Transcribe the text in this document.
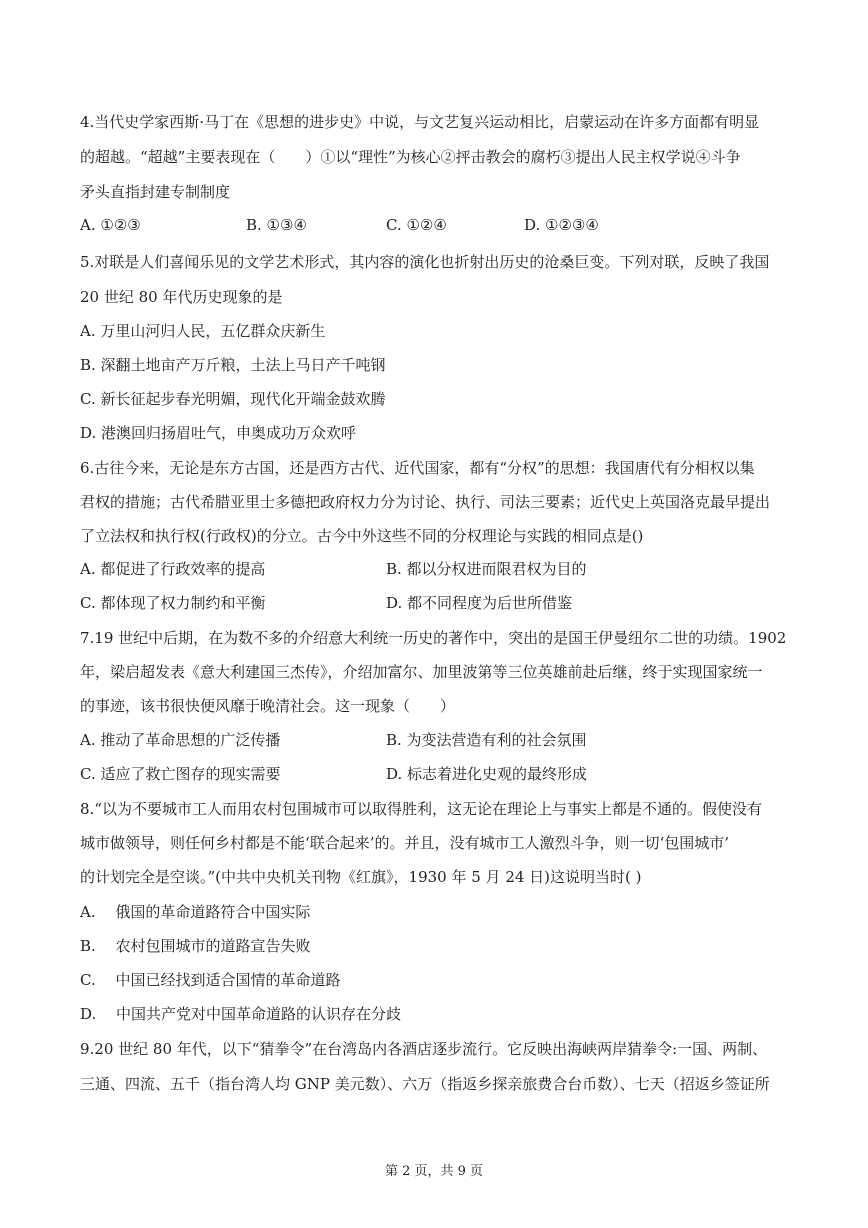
4.当代史学家西斯·马丁在《思想的进步史》中说，与文艺复兴运动相比，启蒙运动在许多方面都有明显
的超越。“超越”主要表现在（　　）①以“理性”为核心②抨击教会的腐朽③提出人民主权学说④斗争
矛头直指封建专制制度
A. ①②③	B. ①③④	C. ①②④	D. ①②③④
5.对联是人们喜闻乐见的文学艺术形式，其内容的演化也折射出历史的沧桑巨变。下列对联，反映了我国
20 世纪 80 年代历史现象的是
A. 万里山河归人民，五亿群众庆新生
B. 深翻土地亩产万斤粮，土法上马日产千吨钢
C. 新长征起步春光明媚，现代化开端金鼓欢腾
D. 港澳回归扬眉吐气，申奥成功万众欢呼
6.古往今来，无论是东方古国，还是西方古代、近代国家，都有“分权”的思想：我国唐代有分相权以集
君权的措施；古代希腊亚里士多德把政府权力分为讨论、执行、司法三要素；近代史上英国洛克最早提出
了立法权和执行权(行政权)的分立。古今中外这些不同的分权理论与实践的相同点是()
A. 都促进了行政效率的提高	B. 都以分权进而限君权为目的
C. 都体现了权力制约和平衡	D. 都不同程度为后世所借鉴
7.19 世纪中后期，在为数不多的介绍意大利统一历史的著作中，突出的是国王伊曼纽尔二世的功绩。1902
年，梁启超发表《意大利建国三杰传》，介绍加富尔、加里波第等三位英雄前赴后继，终于实现国家统一
的事迹，该书很快便风靡于晚清社会。这一现象（　　）
A. 推动了革命思想的广泛传播	B. 为变法营造有利的社会氛围
C. 适应了救亡图存的现实需要	D. 标志着进化史观的最终形成
8.“以为不要城市工人而用农村包围城市可以取得胜利，这无论在理论上与事实上都是不通的。假使没有
城市做领导，则任何乡村都是不能‘联合起来’的。并且，没有城市工人激烈斗争，则一切‘包围城市’
的计划完全是空谈。”(中共中央机关刊物《红旗》，1930 年 5 月 24 日)这说明当时( )
A.　 俄国的革命道路符合中国实际
B.　 农村包围城市的道路宣告失败
C.　 中国已经找到适合国情的革命道路
D.　 中国共产党对中国革命道路的认识存在分歧
9.20 世纪 80 年代，以下“猜拳令”在台湾岛内各酒店逐步流行。它反映出海峡两岸猜拳令:一国、两制、
三通、四流、五千（指台湾人均 GNP 美元数）、六万（指返乡探亲旅费合台币数）、七天（招返乡签证所
第 2 页，共 9 页
